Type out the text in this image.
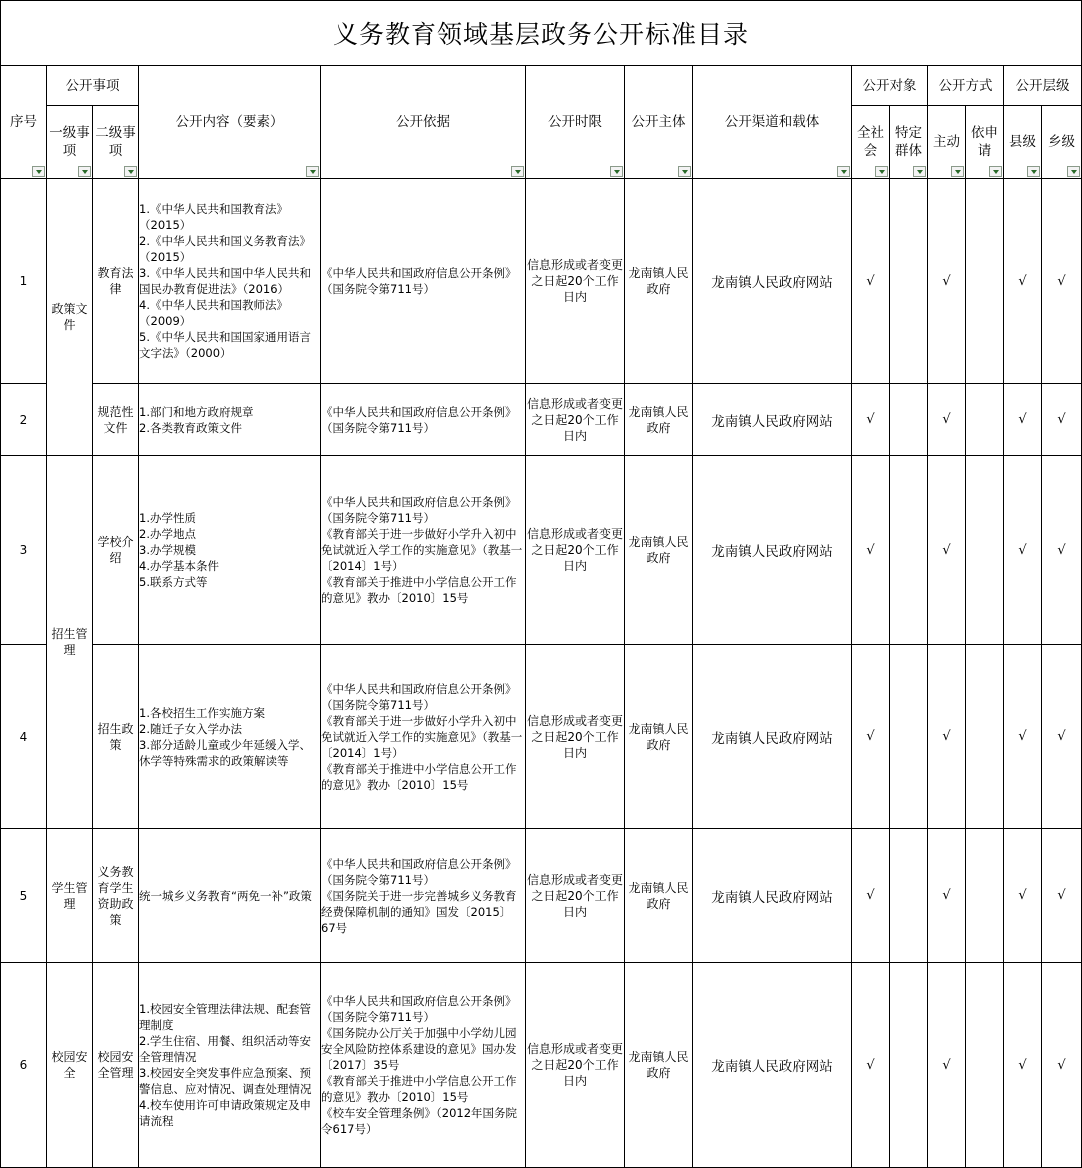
义务教育领域基层政务公开标准目录													

序号	公开事项		公开内容（要素）	公开依据	公开时限	公开主体	公开渠道和载体	公开对象		公开方式		公开层级	

	一级事项	二级事项						全社会	特定群体	主动	依申请	县级	乡级

1	政策文件	教育法律	1.《中华人民共和国教育法》（2015）
2.《中华人民共和国义务教育法》（2015）
3.《中华人民共和国中华人民共和国民办教育促进法》（2016）
4.《中华人民共和国教师法》（2009）
5.《中华人民共和国国家通用语言文字法》（2000）	《中华人民共和国政府信息公开条例》（国务院令第711号）	信息形成或者变更之日起20个工作日内	龙南镇人民政府	龙南镇人民政府网站	√		√		√	√
2		规范性文件	1.部门和地方政府规章
2.各类教育政策文件	《中华人民共和国政府信息公开条例》（国务院令第711号）	信息形成或者变更之日起20个工作日内	龙南镇人民政府	龙南镇人民政府网站	√		√		√	√
3	招生管理	学校介绍	1.办学性质
2.办学地点
3.办学规模
4.办学基本条件
5.联系方式等	《中华人民共和国政府信息公开条例》（国务院令第711号）
《教育部关于进一步做好小学升入初中免试就近入学工作的实施意见》（教基一〔2014〕1号）
《教育部关于推进中小学信息公开工作的意见》教办〔2010〕15号	信息形成或者变更之日起20个工作日内	龙南镇人民政府	龙南镇人民政府网站	√		√		√	√
4		招生政策	1.各校招生工作实施方案
2.随迁子女入学办法
3.部分适龄儿童或少年延缓入学、休学等特殊需求的政策解读等	《中华人民共和国政府信息公开条例》（国务院令第711号）
《教育部关于进一步做好小学升入初中免试就近入学工作的实施意见》（教基一〔2014〕1号）
《教育部关于推进中小学信息公开工作的意见》教办〔2010〕15号	信息形成或者变更之日起20个工作日内	龙南镇人民政府	龙南镇人民政府网站	√		√		√	√
5	学生管理	义务教育学生资助政策	统一城乡义务教育“两免一补”政策	《中华人民共和国政府信息公开条例》（国务院令第711号）
《国务院关于进一步完善城乡义务教育经费保障机制的通知》国发〔2015〕67号	信息形成或者变更之日起20个工作日内	龙南镇人民政府	龙南镇人民政府网站	√		√		√	√
6	校园安全	校园安全管理	1.校园安全管理法律法规、配套管理制度
2.学生住宿、用餐、组织活动等安全管理情况
3.校园安全突发事件应急预案、预警信息、应对情况、调查处理情况
4.校车使用许可申请政策规定及申请流程	《中华人民共和国政府信息公开条例》（国务院令第711号）
《国务院办公厅关于加强中小学幼儿园安全风险防控体系建设的意见》国办发〔2017〕35号
《教育部关于推进中小学信息公开工作的意见》教办〔2010〕15号
《校车安全管理条例》（2012年国务院令617号）	信息形成或者变更之日起20个工作日内	龙南镇人民政府	龙南镇人民政府网站	√		√		√	√
